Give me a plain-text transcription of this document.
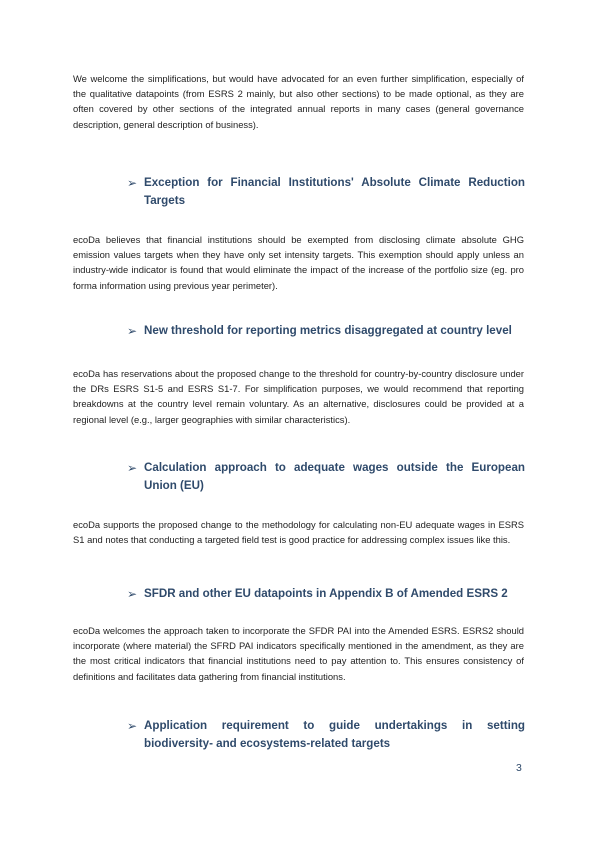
We welcome the simplifications, but would have advocated for an even further simplification, especially of the qualitative datapoints (from ESRS 2 mainly, but also other sections) to be made optional, as they are often covered by other sections of the integrated annual reports in many cases (general governance description, general description of business).

➢ Exception for Financial Institutions' Absolute Climate Reduction Targets

ecoDa believes that financial institutions should be exempted from disclosing climate absolute GHG emission values targets when they have only set intensity targets. This exemption should apply unless an industry-wide indicator is found that would eliminate the impact of the increase of the portfolio size (eg. pro forma information using previous year perimeter).

➢ New threshold for reporting metrics disaggregated at country level

ecoDa has reservations about the proposed change to the threshold for country-by-country disclosure under the DRs ESRS S1-5 and ESRS S1-7. For simplification purposes, we would recommend that reporting breakdowns at the country level remain voluntary. As an alternative, disclosures could be provided at a regional level (e.g., larger geographies with similar characteristics).

➢ Calculation approach to adequate wages outside the European Union (EU)

ecoDa supports the proposed change to the methodology for calculating non-EU adequate wages in ESRS S1 and notes that conducting a targeted field test is good practice for addressing complex issues like this.

➢ SFDR and other EU datapoints in Appendix B of Amended ESRS 2

ecoDa welcomes the approach taken to incorporate the SFDR PAI into the Amended ESRS. ESRS2 should incorporate (where material) the SFRD PAI indicators specifically mentioned in the amendment, as they are the most critical indicators that financial institutions need to pay attention to. This ensures consistency of definitions and facilitates data gathering from financial institutions.

➢ Application requirement to guide undertakings in setting biodiversity- and ecosystems-related targets
3
